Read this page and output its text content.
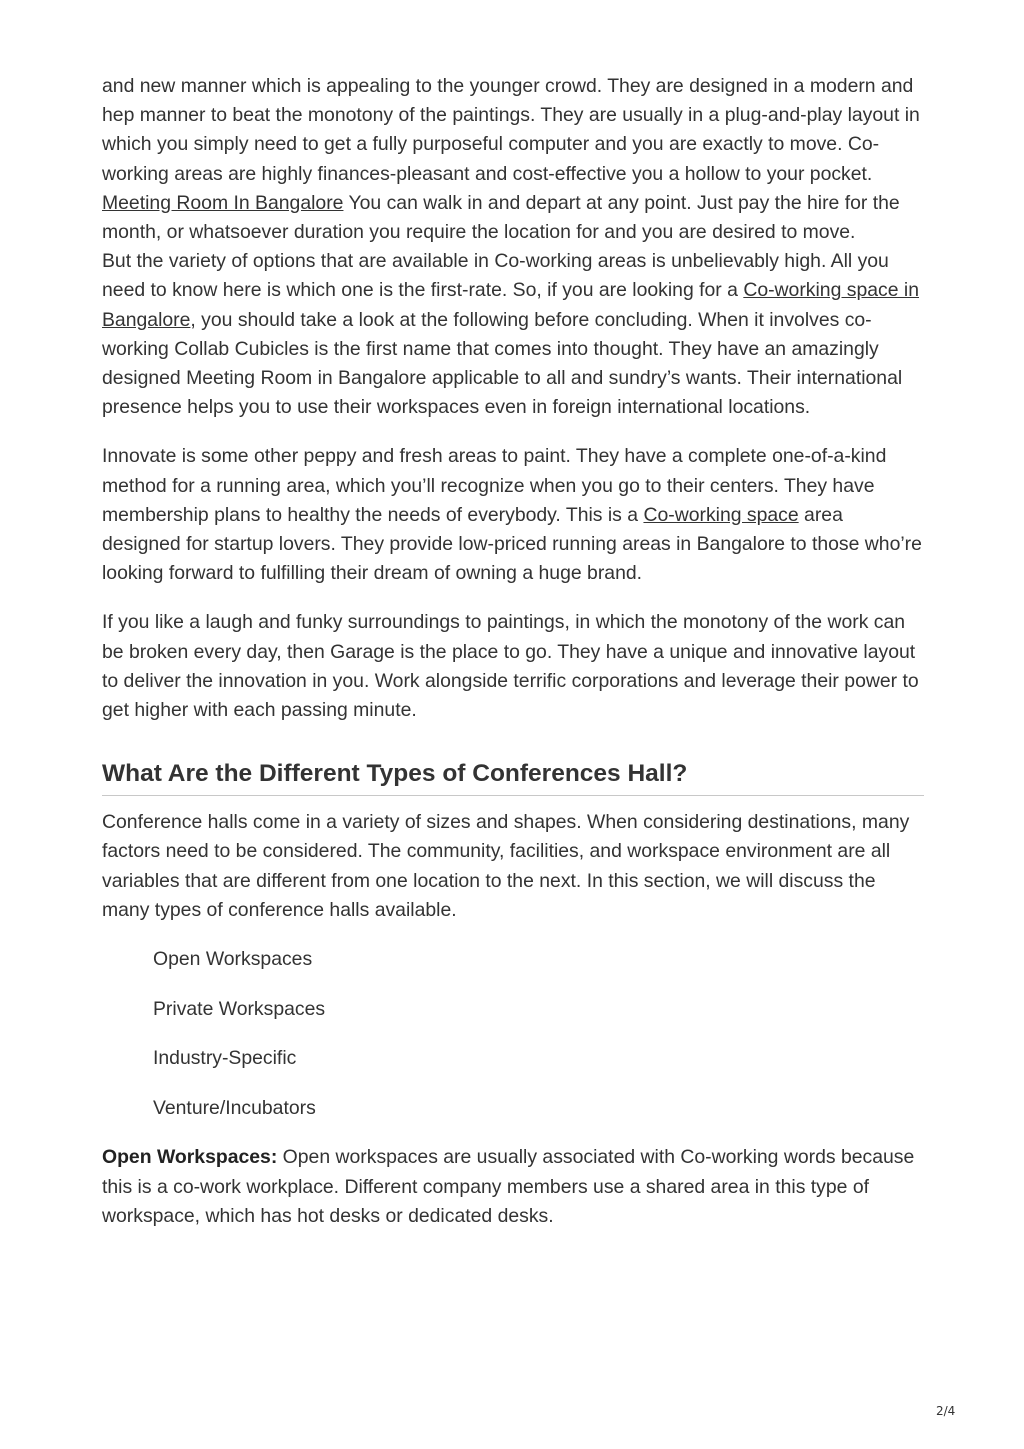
and new manner which is appealing to the younger crowd. They are designed in a modern and hep manner to beat the monotony of the paintings. They are usually in a plug-and-play layout in which you simply need to get a fully purposeful computer and you are exactly to move. Co-working areas are highly finances-pleasant and cost-effective you a hollow to your pocket. Meeting Room In Bangalore You can walk in and depart at any point. Just pay the hire for the month, or whatsoever duration you require the location for and you are desired to move.

But the variety of options that are available in Co-working areas is unbelievably high. All you need to know here is which one is the first-rate. So, if you are looking for a Co-working space in Bangalore, you should take a look at the following before concluding. When it involves co-working Collab Cubicles is the first name that comes into thought. They have an amazingly designed Meeting Room in Bangalore applicable to all and sundry’s wants. Their international presence helps you to use their workspaces even in foreign international locations.

Innovate is some other peppy and fresh areas to paint. They have a complete one-of-a-kind method for a running area, which you’ll recognize when you go to their centers. They have membership plans to healthy the needs of everybody. This is a Co-working space area designed for startup lovers. They provide low-priced running areas in Bangalore to those who’re looking forward to fulfilling their dream of owning a huge brand.

If you like a laugh and funky surroundings to paintings, in which the monotony of the work can be broken every day, then Garage is the place to go. They have a unique and innovative layout to deliver the innovation in you. Work alongside terrific corporations and leverage their power to get higher with each passing minute.

What Are the Different Types of Conferences Hall?

Conference halls come in a variety of sizes and shapes. When considering destinations, many factors need to be considered. The community, facilities, and workspace environment are all variables that are different from one location to the next. In this section, we will discuss the many types of conference halls available.

Open Workspaces
Private Workspaces
Industry-Specific
Venture/Incubators

Open Workspaces: Open workspaces are usually associated with Co-working words because this is a co-work workplace. Different company members use a shared area in this type of workspace, which has hot desks or dedicated desks.

2/4
